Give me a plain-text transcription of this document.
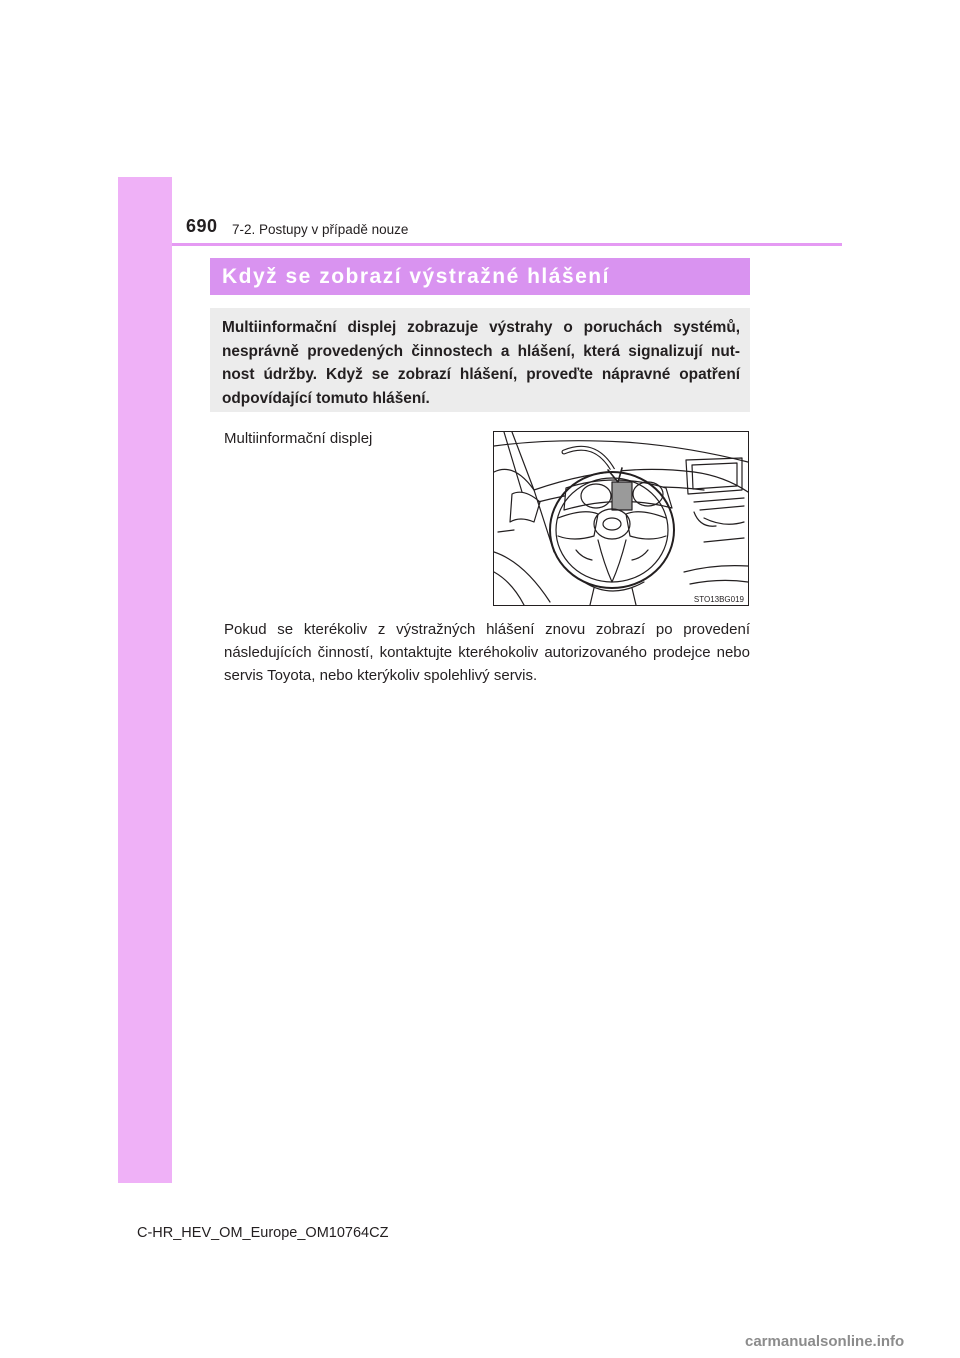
690 7-2. Postupy v případě nouze
Když se zobrazí výstražné hlášení
Multiinformační displej zobrazuje výstrahy o poruchách systémů, nesprávně provedených činnostech a hlášení, která signalizují nut-nost údržby. Když se zobrazí hlášení, proveďte nápravné opatření odpovídající tomuto hlášení.
Multiinformační displej
STO13BG019
Pokud se kterékoliv z výstražných hlášení znovu zobrazí po provedení následujících činností, kontaktujte kteréhokoliv autorizovaného prodejce nebo servis Toyota, nebo kterýkoliv spolehlivý servis.
C-HR_HEV_OM_Europe_OM10764CZ
carmanualsonline.info
